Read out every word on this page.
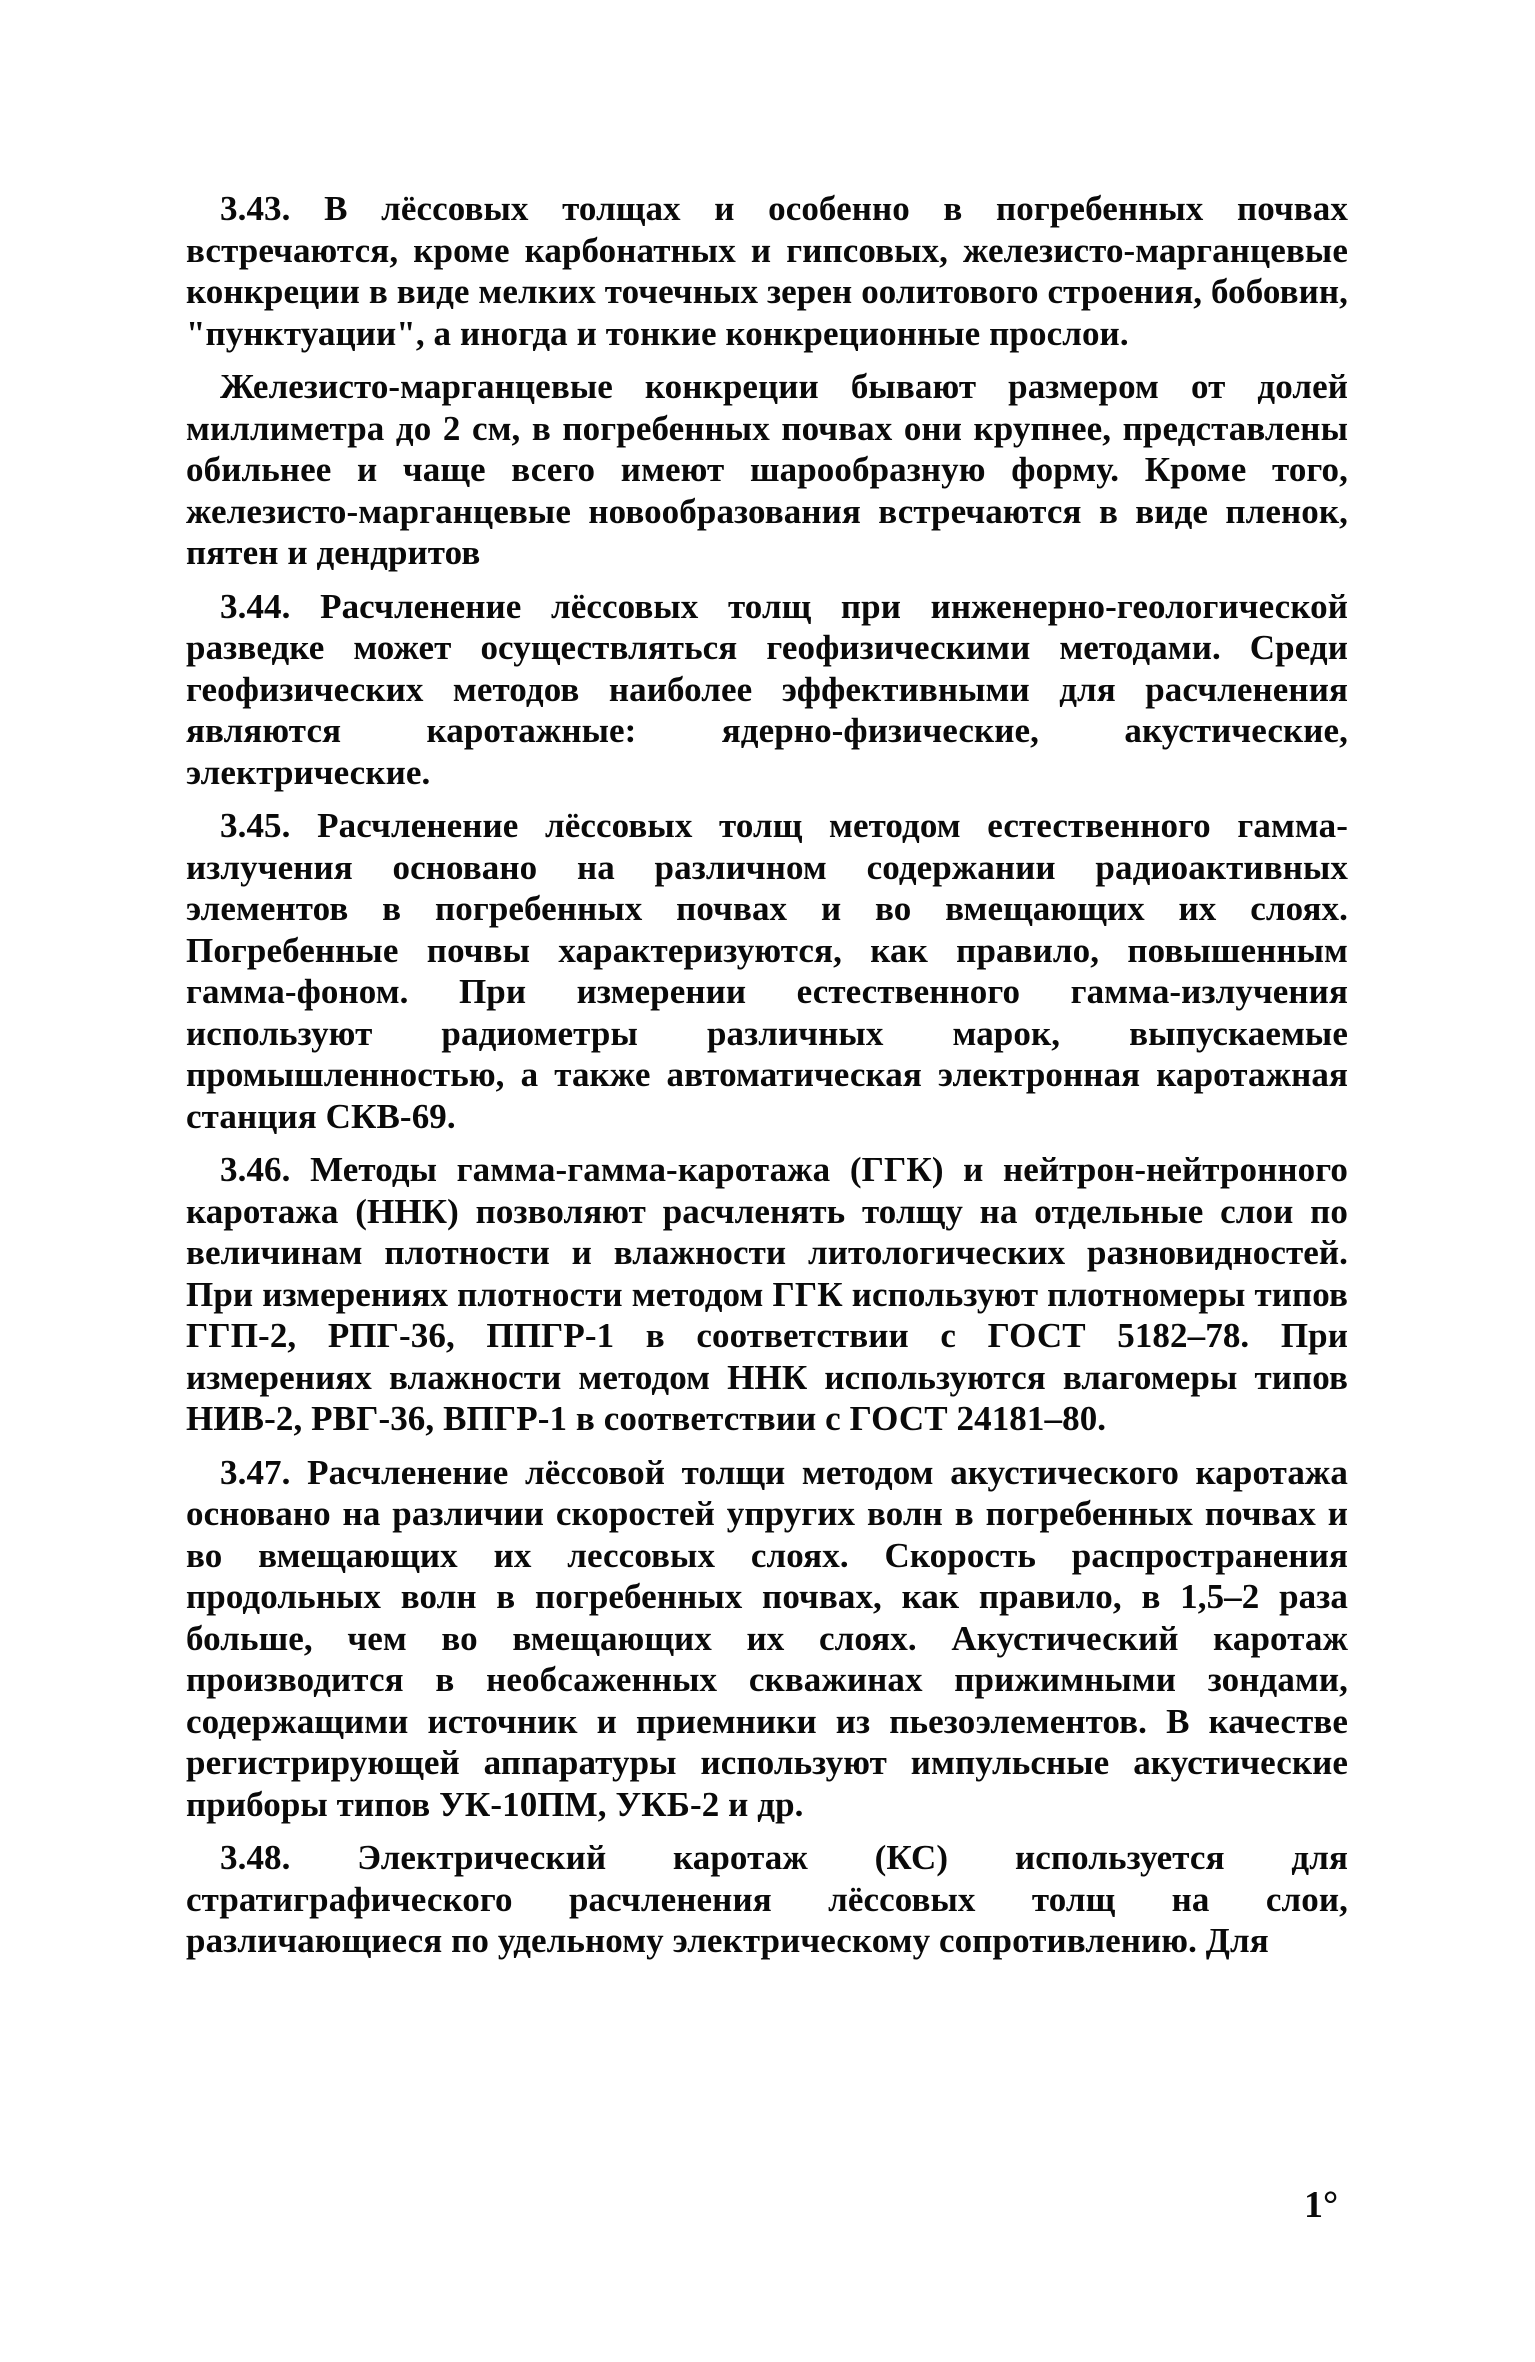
3.43. В лёссовых толщах и особенно в погребенных почвах встречаются, кроме карбонатных и гипсовых, железисто-марганцевые конкреции в виде мелких точечных зерен оолитового строения, бобовин, "пунктуации", а иногда и тонкие конкреционные прослои.

Железисто-марганцевые конкреции бывают размером от долей миллиметра до 2 см, в погребенных почвах они крупнее, представлены обильнее и чаще всего имеют шарообразную форму. Кроме того, железисто-марганцевые новообразования встречаются в виде пленок, пятен и дендритов

3.44. Расчленение лёссовых толщ при инженерно-геологической разведке может осуществляться геофизическими методами. Среди геофизических методов наиболее эффективными для расчленения являются каротажные: ядерно-физические, акустические, электрические.

3.45. Расчленение лёссовых толщ методом естественного гамма-излучения основано на различном содержании радиоактивных элементов в погребенных почвах и во вмещающих их слоях. Погребенные почвы характеризуются, как правило, повышенным гамма-фоном. При измерении естественного гамма-излучения используют радиометры различных марок, выпускаемые промышленностью, а также автоматическая электронная каротажная станция СКВ-69.

3.46. Методы гамма-гамма-каротажа (ГГК) и нейтрон-нейтронного каротажа (ННК) позволяют расчленять толщу на отдельные слои по величинам плотности и влажности литологических разновидностей. При измерениях плотности методом ГГК используют плотномеры типов ГГП-2, РПГ-36, ППГР-1 в соответствии с ГОСТ 5182–78. При измерениях влажности методом ННК используются влагомеры типов НИВ-2, РВГ-36, ВПГР-1 в соответствии с ГОСТ 24181–80.

3.47. Расчленение лёссовой толщи методом акустического каротажа основано на различии скоростей упругих волн в погребенных почвах и во вмещающих их лессовых слоях. Скорость распространения продольных волн в погребенных почвах, как правило, в 1,5–2 раза больше, чем во вмещающих их слоях. Акустический каротаж производится в необсаженных скважинах прижимными зондами, содержащими источник и приемники из пьезоэлементов. В качестве регистрирующей аппаратуры используют импульсные акустические приборы типов УК-10ПМ, УКБ-2 и др.

3.48. Электрический каротаж (КС) используется для стратиграфического расчленения лёссовых толщ на слои, различающиеся по удельному электрическому сопротивлению. Для

1°
